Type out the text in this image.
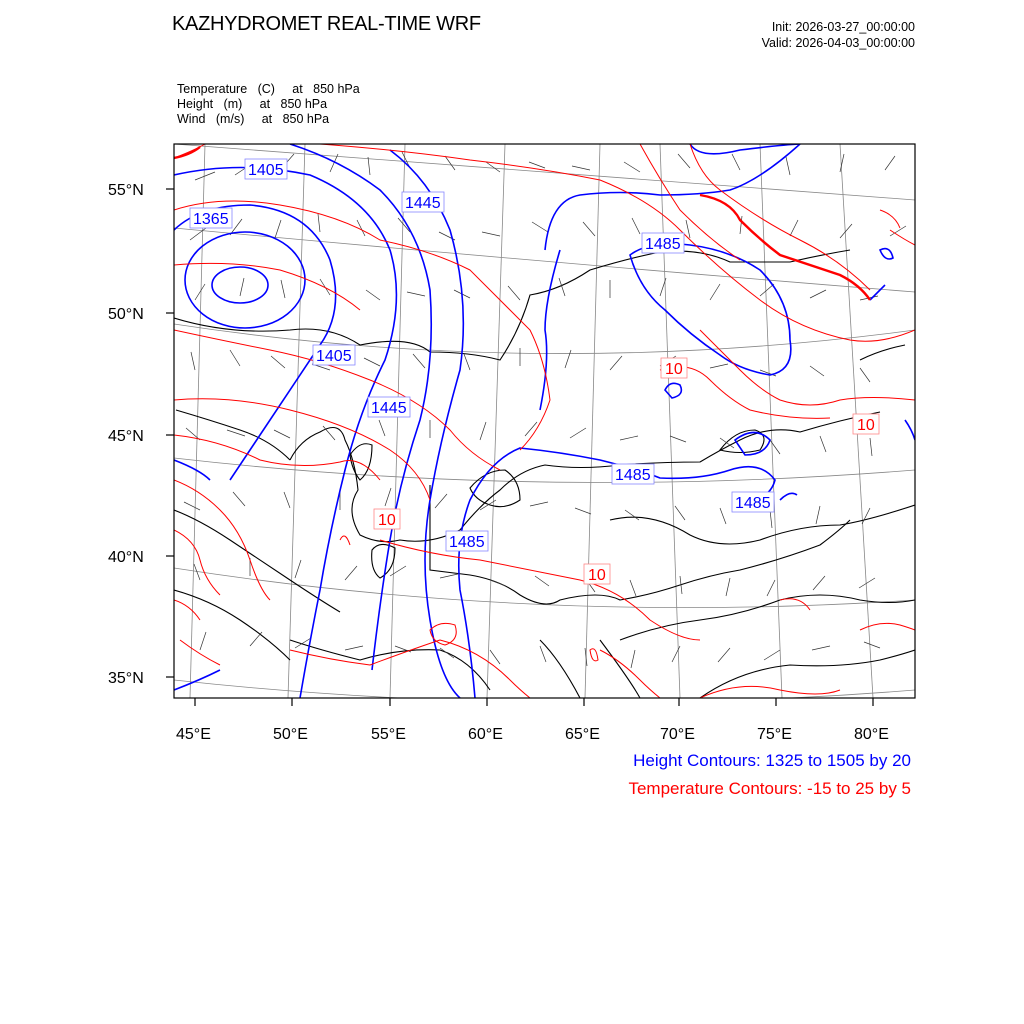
KAZHYDROMET REAL-TIME WRF	Init: 2026-03-27_00:00:00
Valid: 2026-04-03_00:00:00
Temperature   (C)     at   850 hPa
Height   (m)     at   850 hPa
Wind   (m/s)     at   850 hPa
55°N
50°N
45°N
40°N
35°N
45°E	50°E	55°E	60°E	65°E	70°E	75°E	80°E
1405
1365
1445
1485
1405
1445
1485
1485
1485
10
10
10
10
Height Contours: 1325 to 1505 by 20
Temperature Contours: -15 to 25 by 5
